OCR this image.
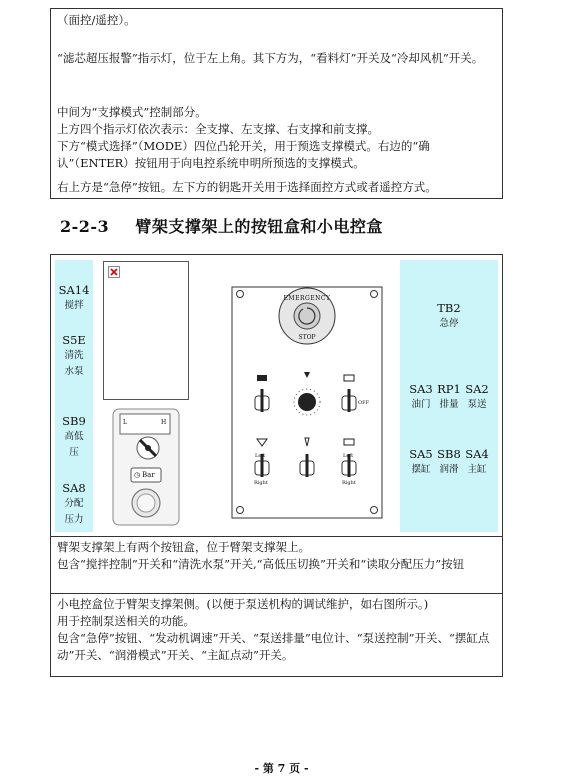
（面控/遥控）。

“滤芯超压报警”指示灯，位于左上角。其下方为，“看料灯”开关及“冷却风机”开关。

中间为“支撑模式”控制部分。

上方四个指示灯依次表示：全支撑、左支撑、右支撑和前支撑。

下方“模式选择”（MODE）四位凸轮开关，用于预选支撑模式。右边的“确认”（ENTER）按钮用于向电控系统申明所预选的支撑模式。

右上方是“急停”按钮。左下方的钥匙开关用于选择面控方式或者遥控方式。

2-2-3 臂架支撑架上的按钮盒和小电控盒
SA14
搅拌
S5E
清洗水泵
SB9
高低压
SA8
分配压力
L	H
Bar
◷
EMERGENCY
STOP
Left
Right
Left
Right
OFF
TB2
急停
SA3
油门
RP1
排量
SA2
泵送
SA5
摆缸
SB8
润滑
SA4
主缸

臂架支撑架上有两个按钮盒，位于臂架支撑架上。

包含“搅拌控制”开关和“清洗水泵”开关,“高低压切换”开关和“读取分配压力”按钮

小电控盒位于臂架支撑架侧。(以便于泵送机构的调试维护，如右图所示。)

用于控制泵送相关的功能。

包含“急停”按钮、“发动机调速”开关、“泵送排量”电位计、“泵送控制”开关、“摆缸点动”开关、“润滑模式”开关、“主缸点动”开关。

- 第 7 页 -
